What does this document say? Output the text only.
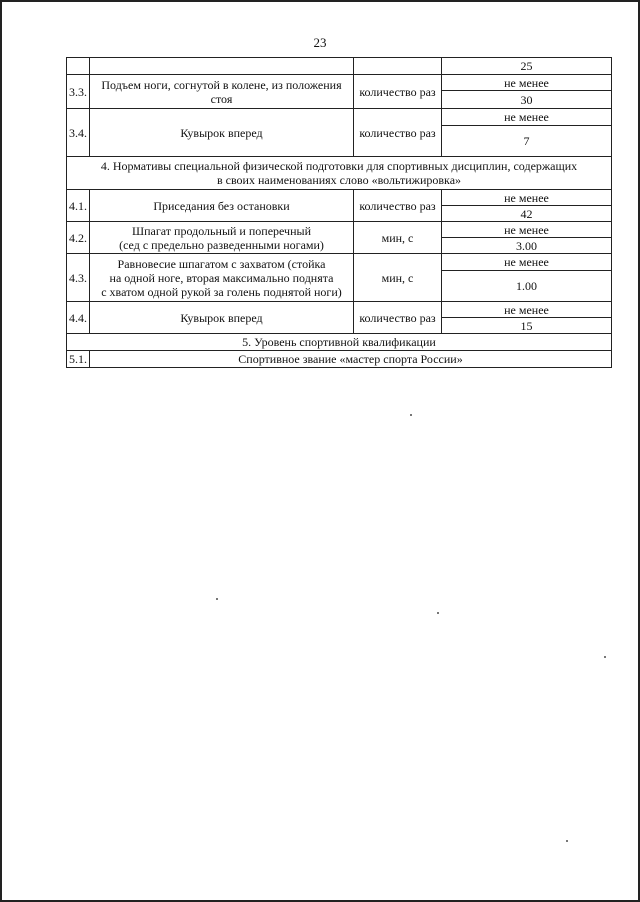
23
			25
3.3.	Подъем ноги, согнутой в колене, из положения
стоя	количество раз	не менее
			30
3.4.	Кувырок вперед	количество раз	не менее
			7

4. Нормативы специальной физической подготовки для спортивных дисциплин, содержащих
в своих наименованиях слово «вольтижировка»			

4.1.	Приседания без остановки	количество раз	не менее
			42
4.2.	Шпагат продольный и поперечный
(сед с предельно разведенными ногами)	мин, с	не менее
			3.00
4.3.	Равновесие шпагатом с захватом (стойка
на одной ноге, вторая максимально поднята
с хватом одной рукой за голень поднятой ноги)	мин, с	не менее
			1.00
4.4.	Кувырок вперед	количество раз	не менее
			15
5. Уровень спортивной квалификации			
5.1.	Спортивное звание «мастер спорта России»		
